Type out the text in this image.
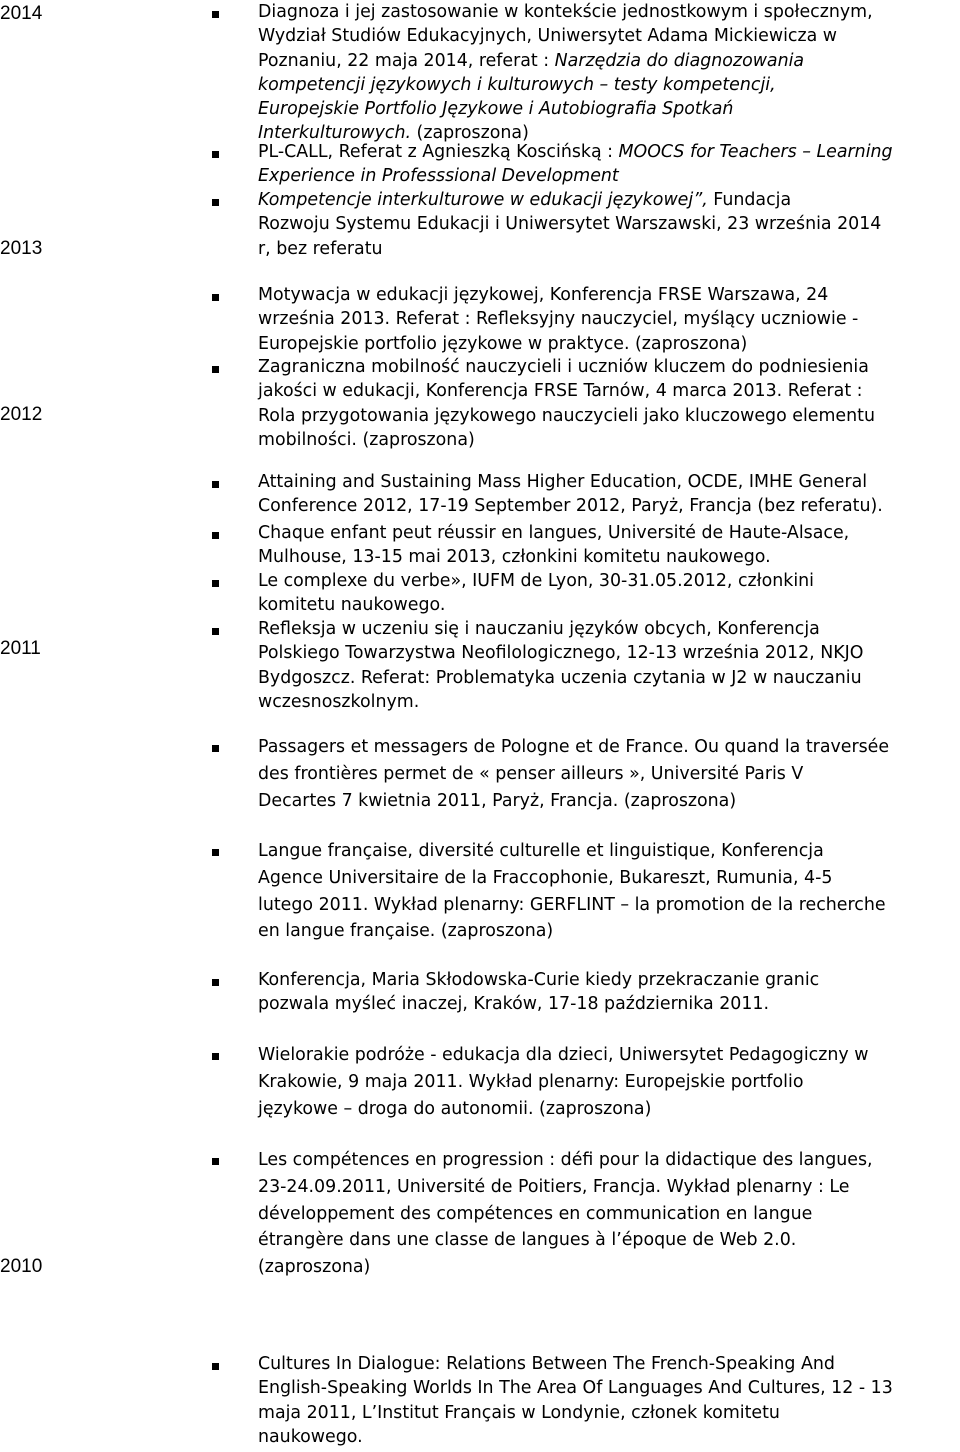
2014
2013
2012
2011
2010
Diagnoza i jej zastosowanie w kontekście jednostkowym i społecznym,
Wydział Studiów Edukacyjnych, Uniwersytet Adama Mickiewicza w
Poznaniu, 22 maja 2014, referat : Narzędzia do diagnozowania
kompetencji językowych i kulturowych – testy kompetencji,
Europejskie Portfolio Językowe i Autobiografia Spotkań
Interkulturowych. (zaproszona)
PL-CALL, Referat z Agnieszką Koscińską : MOOCS for Teachers – Learning
Experience in Professsional Development
Kompetencje interkulturowe w edukacji językowej”, Fundacja
Rozwoju Systemu Edukacji i Uniwersytet Warszawski, 23 września 2014
r, bez referatu
Motywacja w edukacji językowej, Konferencja FRSE Warszawa, 24
września 2013. Referat : Refleksyjny nauczyciel, myślący uczniowie -
Europejskie portfolio językowe w praktyce. (zaproszona)
Zagraniczna mobilność nauczycieli i uczniów kluczem do podniesienia
jakości w edukacji, Konferencja FRSE Tarnów, 4 marca 2013. Referat :
Rola przygotowania językowego nauczycieli jako kluczowego elementu
mobilności. (zaproszona)
Attaining and Sustaining Mass Higher Education, OCDE, IMHE General
Conference 2012, 17-19 September 2012, Paryż, Francja (bez referatu).
Chaque enfant peut réussir en langues, Université de Haute-Alsace,
Mulhouse, 13-15 mai 2013, członkini komitetu naukowego.
Le complexe du verbe», IUFM de Lyon, 30-31.05.2012, członkini
komitetu naukowego.
Refleksja w uczeniu się i nauczaniu języków obcych, Konferencja
Polskiego Towarzystwa Neofilologicznego, 12-13 września 2012, NKJO
Bydgoszcz. Referat: Problematyka uczenia czytania w J2 w nauczaniu
wczesnoszkolnym.
Passagers et messagers de Pologne et de France. Ou quand la traversée
des frontières permet de « penser ailleurs », Université Paris V
Decartes 7 kwietnia 2011, Paryż, Francja. (zaproszona)
Langue française, diversité culturelle et linguistique, Konferencja
Agence Universitaire de la Fraccophonie, Bukareszt, Rumunia, 4-5
lutego 2011. Wykład plenarny: GERFLINT – la promotion de la recherche
en langue française. (zaproszona)
Konferencja, Maria Skłodowska-Curie kiedy przekraczanie granic
pozwala myśleć inaczej, Kraków, 17-18 października 2011.
Wielorakie podróże - edukacja dla dzieci, Uniwersytet Pedagogiczny w
Krakowie, 9 maja 2011. Wykład plenarny: Europejskie portfolio
językowe – droga do autonomii. (zaproszona)
Les compétences en progression : défi pour la didactique des langues,
23-24.09.2011, Université de Poitiers, Francja. Wykład plenarny : Le
développement des compétences en communication en langue
étrangère dans une classe de langues à l’époque de Web 2.0.
(zaproszona)
Cultures In Dialogue: Relations Between The French-Speaking And
English-Speaking Worlds In The Area Of Languages And Cultures, 12 - 13
maja 2011, L’Institut Français w Londynie, członek komitetu
naukowego.
